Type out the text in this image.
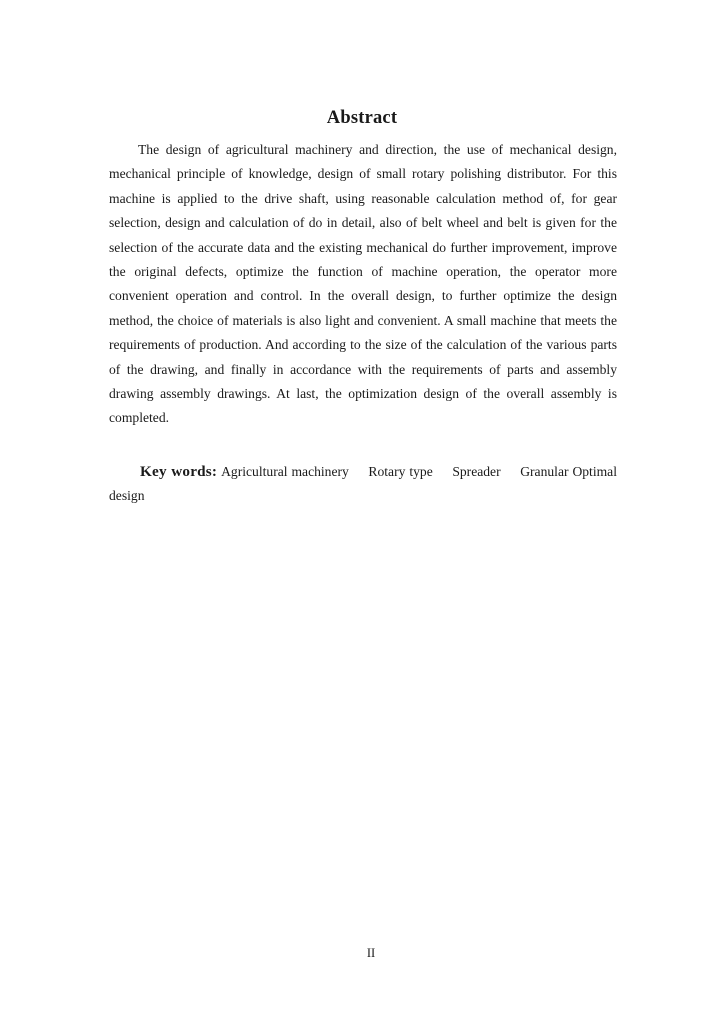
Abstract

The design of agricultural machinery and direction, the use of mechanical design, mechanical principle of knowledge, design of small rotary polishing distributor. For this machine is applied to the drive shaft, using reasonable calculation method of, for gear selection, design and calculation of do in detail, also of belt wheel and belt is given for the selection of the accurate data and the existing mechanical do further improvement, improve the original defects, optimize the function of machine operation, the operator more convenient operation and control. In the overall design, to further optimize the design method, the choice of materials is also light and convenient. A small machine that meets the requirements of production. And according to the size of the calculation of the various parts of the drawing, and finally in accordance with the requirements of parts and assembly drawing assembly drawings. At last, the optimization design of the overall assembly is completed.

Key words: Agricultural machinery Rotary type Spreader Granular Optimal design
II
